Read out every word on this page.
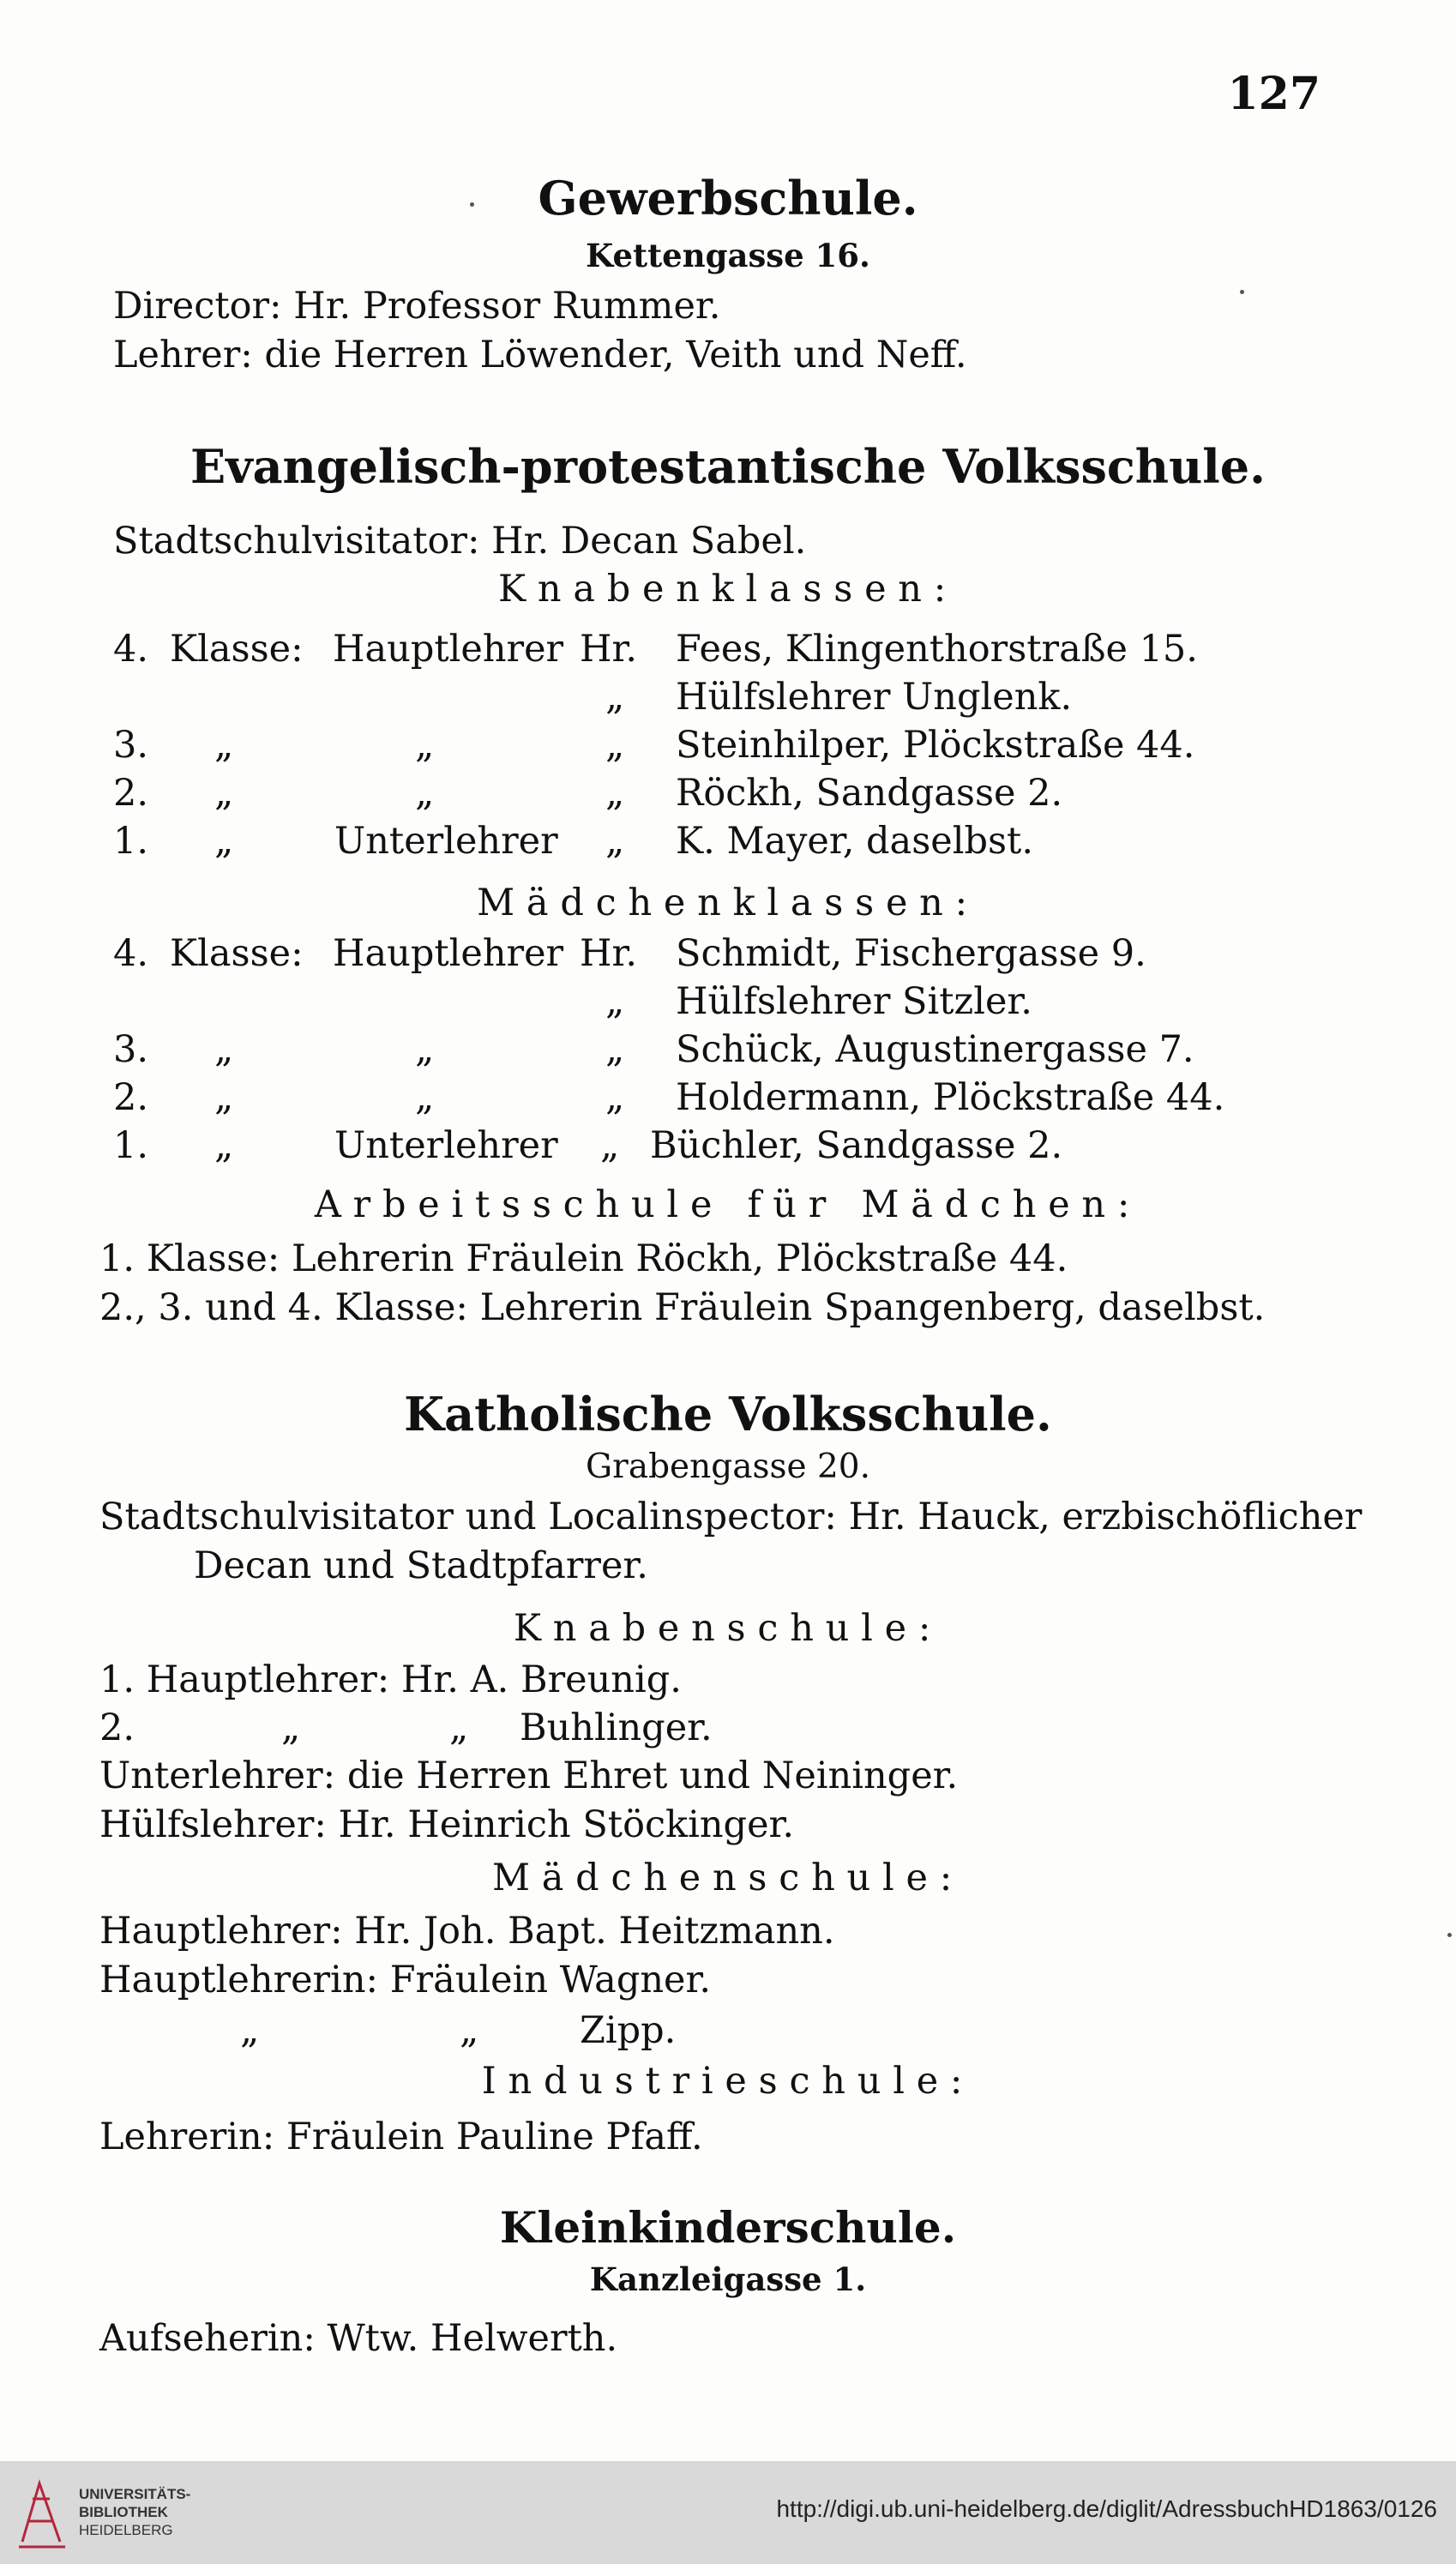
127
Gewerbschule.
Kettengasse 16.
Director: Hr. Professor Rummer.
Lehrer: die Herren Löwender, Veith und Neff.
Evangelisch-protestantische Volksschule.
Stadtschulvisitator: Hr. Decan Sabel.
Knabenklassen:
4. Klasse: Hauptlehrer Hr. Fees, Klingenthorstraße 15.
„ Hülfslehrer Unglenk.
3. „	„	„ Steinhilper, Plöckstraße 44.
2. „	„	„ Röckh, Sandgasse 2.
1. „	Unterlehrer „ K. Mayer, daselbst.
Mädchenklassen:
4. Klasse: Hauptlehrer Hr. Schmidt, Fischergasse 9.
„ Hülfslehrer Sitzler.
3. „	„	„ Schück, Augustinergasse 7.
2. „	„	„ Holdermann, Plöckstraße 44.
1. „	Unterlehrer „ Büchler, Sandgasse 2.
Arbeitsschule für Mädchen:
1. Klasse: Lehrerin Fräulein Röckh, Plöckstraße 44.
2., 3. und 4. Klasse: Lehrerin Fräulein Spangenberg, daselbst.
Katholische Volksschule.
Grabengasse 20.
Stadtschulvisitator und Localinspector: Hr. Hauck, erzbischöflicher
Decan und Stadtpfarrer.
Knabenschule:
1. Hauptlehrer: Hr. A. Breunig.
2.	„	„ Buhlinger.
Unterlehrer: die Herren Ehret und Neininger.
Hülfslehrer: Hr. Heinrich Stöckinger.
Mädchenschule:
Hauptlehrer: Hr. Joh. Bapt. Heitzmann.
Hauptlehrerin: Fräulein Wagner.
„	„	Zipp.
Industrieschule:
Lehrerin: Fräulein Pauline Pfaff.
Kleinkinderschule.
Kanzleigasse 1.
Aufseherin: Wtw. Helwerth.
UNIVERSITÄTS-
BIBLIOTHEK
HEIDELBERG
http://digi.ub.uni-heidelberg.de/diglit/AdressbuchHD1863/0126
